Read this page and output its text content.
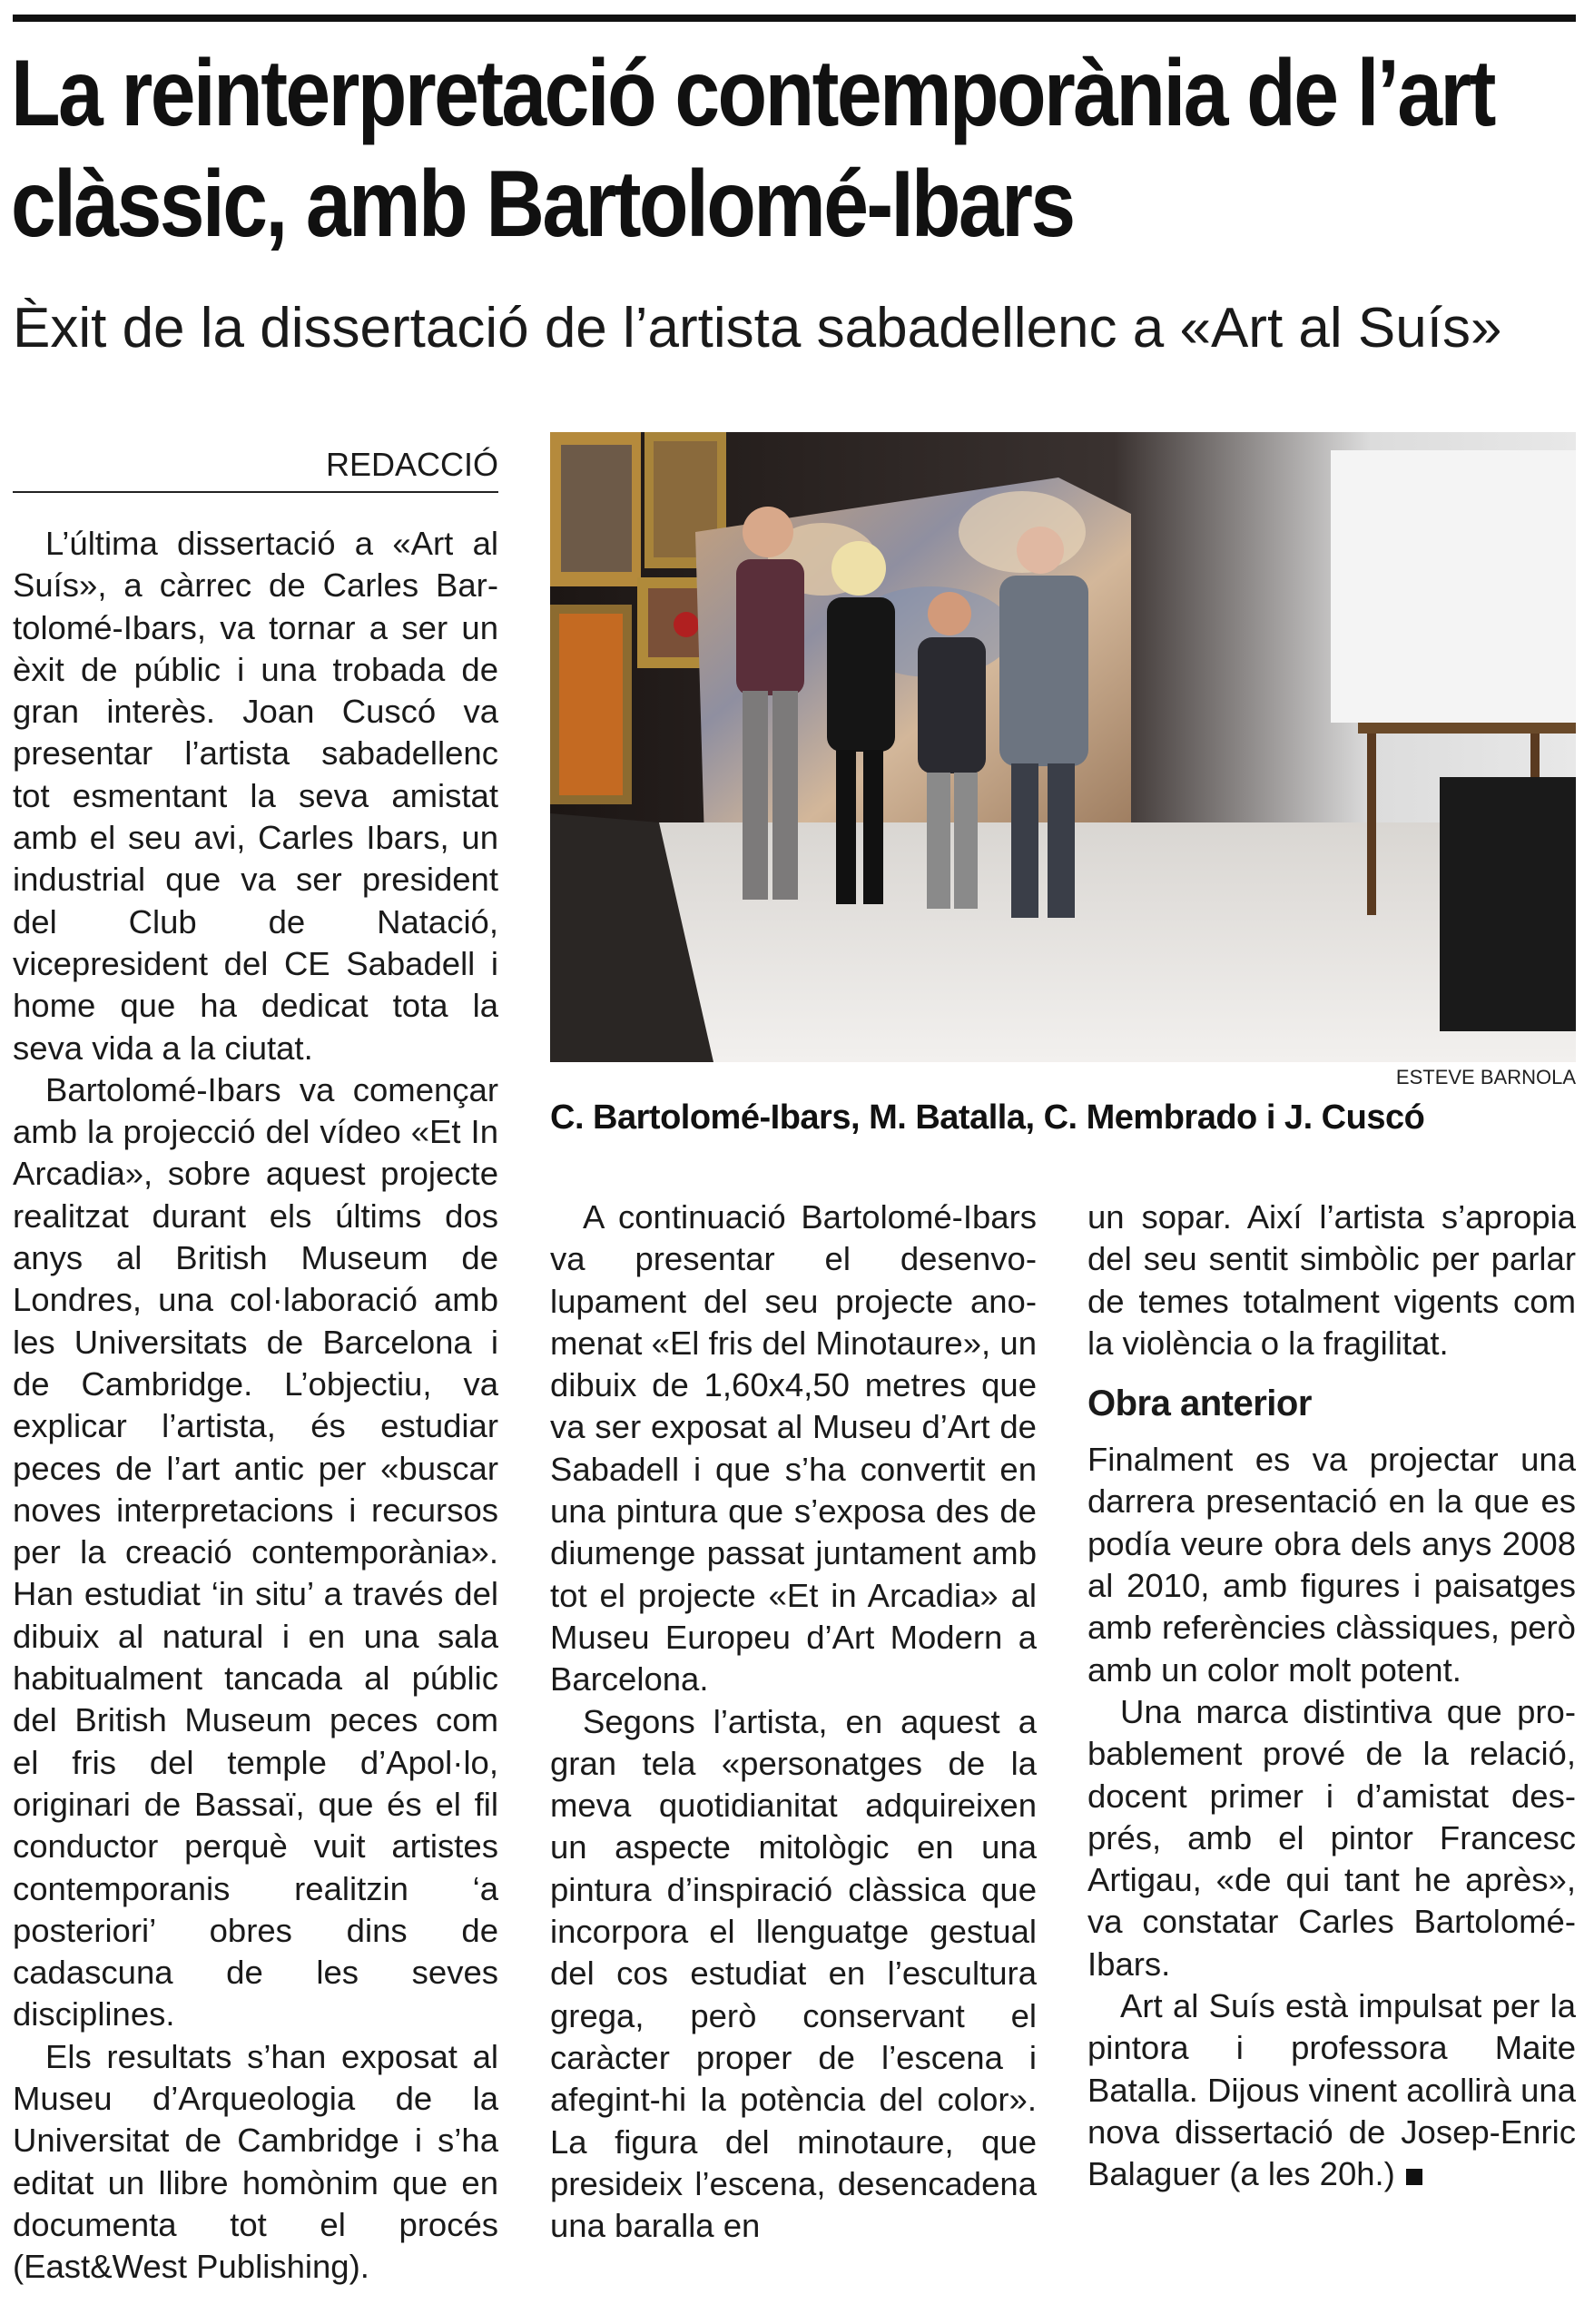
La reinterpretació contemporània de l’art clàssic, amb Bartolomé-Ibars
Èxit de la dissertació de l’artista sabadellenc a «Art al Suís»
REDACCIÓ

L’última dissertació a «Art al Suís», a càrrec de Carles Bartolomé-Ibars, va tornar a ser un èxit de públic i una trobada de gran interès. Joan Cuscó va presentar l’artista sabadellenc tot esmentant la seva amistat amb el seu avi, Carles Ibars, un industrial que va ser president del Club de Natació, vicepresident del CE Sabadell i home que ha dedicat tota la seva vida a la ciutat.

Bartolomé-Ibars va començar amb la projecció del vídeo «Et In Arcadia», sobre aquest projecte realitzat durant els últims dos anys al British Museum de Londres, una col·laboració amb les Universitats de Barcelona i de Cambridge. L’objectiu, va explicar l’artista, és estudiar peces de l’art antic per «buscar noves interpretacions i recursos per la creació contemporània». Han estudiat ‘in situ’ a través del dibuix al natural i en una sala habitualment tancada al públic del British Museum peces com el fris del temple d’Apol·lo, originari de Bassaï, que és el fil conductor perquè vuit artistes contemporanis realitzin ‘a posteriori’ obres dins de cadascuna de les seves disciplines.

Els resultats s’han exposat al Museu d’Arqueologia de la Universitat de Cambridge i s’ha editat un llibre homònim que en documenta tot el procés (East&West Publishing).

ESTEVE BARNOLA
C. Bartolomé-Ibars, M. Batalla, C. Membrado i J. Cuscó

A continuació Bartolomé-Ibars va presentar el desenvolupament del seu projecte anomenat «El fris del Minotaure», un dibuix de 1,60x4,50 metres que va ser exposat al Museu d’Art de Sabadell i que s’ha convertit en una pintura que s’exposa des de diumenge passat juntament amb tot el projecte «Et in Arcadia» al Museu Europeu d’Art Modern a Barcelona.

Segons l’artista, en aquest a gran tela «personatges de la meva quotidianitat adquireixen un aspecte mitològic en una pintura d’inspiració clàssica que incorpora el llenguatge gestual del cos estudiat en l’escultura grega, però conservant el caràcter proper de l’escena i afegint-hi la potència del color». La figura del minotaure, que presideix l’escena, desencadena una baralla en

un sopar. Així l’artista s’apropia del seu sentit simbòlic per parlar de temes totalment vigents com la violència o la fragilitat.

Obra anterior

Finalment es va projectar una darrera presentació en la que es podía veure obra dels anys 2008 al 2010, amb figures i paisatges amb referències clàssiques, però amb un color molt potent.

Una marca distintiva que probablement prové de la relació, docent primer i d’amistat després, amb el pintor Francesc Artigau, «de qui tant he après», va constatar Carles Bartolomé-Ibars.

Art al Suís està impulsat per la pintora i professora Maite Batalla. Dijous vinent acollirà una nova dissertació de Josep-Enric Balaguer (a les 20h.)
